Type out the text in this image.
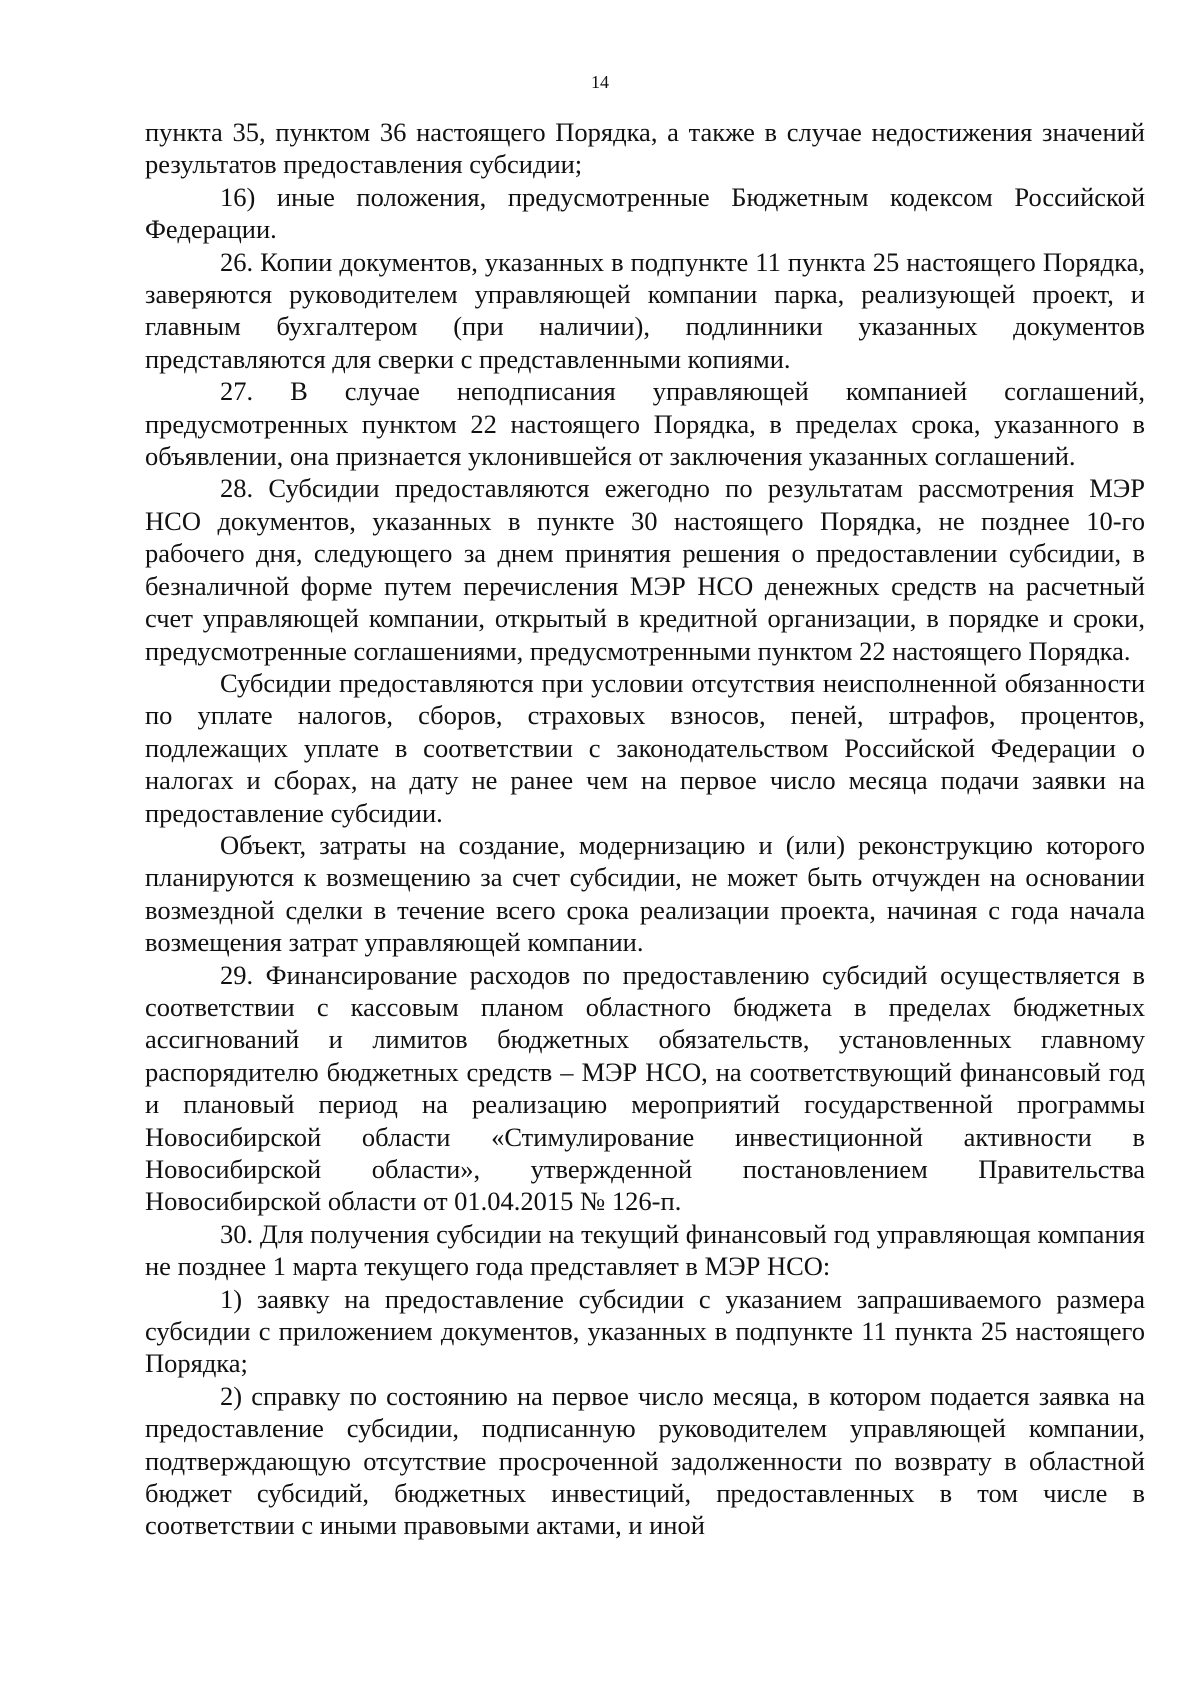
14

пункта 35, пунктом 36 настоящего Порядка, а также в случае недостижения значений результатов предоставления субсидии;

16) иные положения, предусмотренные Бюджетным кодексом Российской Федерации.

26. Копии документов, указанных в подпункте 11 пункта 25 настоящего Порядка, заверяются руководителем управляющей компании парка, реализующей проект, и главным бухгалтером (при наличии), подлинники указанных документов представляются для сверки с представленными копиями.

27. В случае неподписания управляющей компанией соглашений, предусмотренных пунктом 22 настоящего Порядка, в пределах срока, указанного в объявлении, она признается уклонившейся от заключения указанных соглашений.

28. Субсидии предоставляются ежегодно по результатам рассмотрения МЭР НСО документов, указанных в пункте 30 настоящего Порядка, не позднее 10-го рабочего дня, следующего за днем принятия решения о предоставлении субсидии, в безналичной форме путем перечисления МЭР НСО денежных средств на расчетный счет управляющей компании, открытый в кредитной организации, в порядке и сроки, предусмотренные соглашениями, предусмотренными пунктом 22 настоящего Порядка.

Субсидии предоставляются при условии отсутствия неисполненной обязанности по уплате налогов, сборов, страховых взносов, пеней, штрафов, процентов, подлежащих уплате в соответствии с законодательством Российской Федерации о налогах и сборах, на дату не ранее чем на первое число месяца подачи заявки на предоставление субсидии.

Объект, затраты на создание, модернизацию и (или) реконструкцию которого планируются к возмещению за счет субсидии, не может быть отчужден на основании возмездной сделки в течение всего срока реализации проекта, начиная с года начала возмещения затрат управляющей компании.

29. Финансирование расходов по предоставлению субсидий осуществляется в соответствии с кассовым планом областного бюджета в пределах бюджетных ассигнований и лимитов бюджетных обязательств, установленных главному распорядителю бюджетных средств – МЭР НСО, на соответствующий финансовый год и плановый период на реализацию мероприятий государственной программы Новосибирской области «Стимулирование инвестиционной активности в Новосибирской области», утвержденной постановлением Правительства Новосибирской области от 01.04.2015 № 126-п.

30. Для получения субсидии на текущий финансовый год управляющая компания не позднее 1 марта текущего года представляет в МЭР НСО:

1) заявку на предоставление субсидии с указанием запрашиваемого размера субсидии с приложением документов, указанных в подпункте 11 пункта 25 настоящего Порядка;

2) справку по состоянию на первое число месяца, в котором подается заявка на предоставление субсидии, подписанную руководителем управляющей компании, подтверждающую отсутствие просроченной задолженности по возврату в областной бюджет субсидий, бюджетных инвестиций, предоставленных в том числе в соответствии с иными правовыми актами, и иной
